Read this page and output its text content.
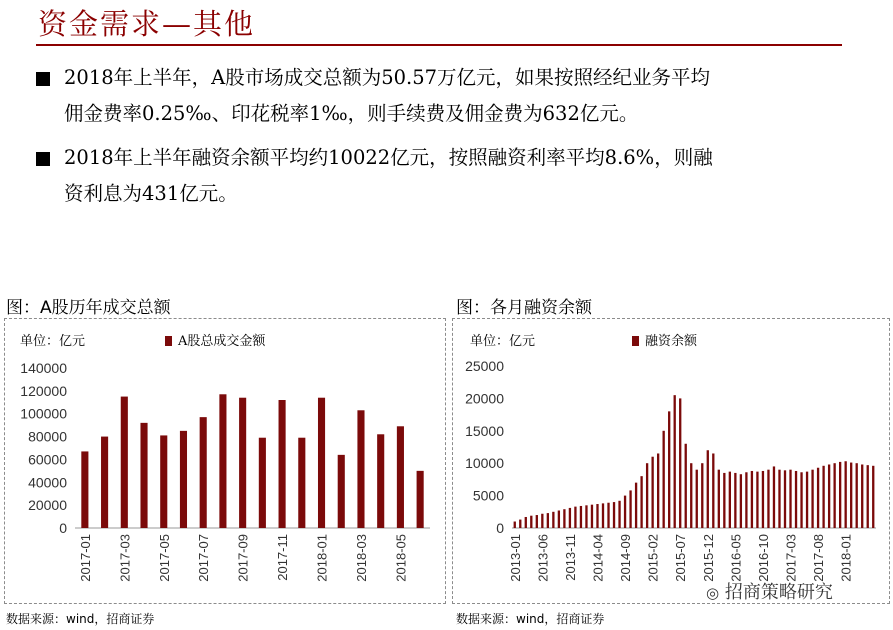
资金需求—其他
2018年上半年，A股市场成交总额为50.57万亿元，如果按照经纪业务平均
佣金费率0.25‰、印花税率1‰，则手续费及佣金费为632亿元。
2018年上半年融资余额平均约10022亿元，按照融资利率平均8.6%，则融
资利息为431亿元。
图：A股历年成交总额
单位：亿元	A股总成交金额
数据来源：wind，招商证券
图：各月融资余额
单位：亿元	融资余额
数据来源：wind，招商证券
0
20000
40000
60000
80000
100000
120000
140000
2017-01 2017-03 2017-05 2017-07 2017-09 2017-11 2018-01 2018-03 2018-05
0
5000
10000
15000
20000
25000
2013-01 2013-06 2013-11 2014-04 2014-09 2015-02 2015-07 2015-12 2016-05 2016-10 2017-03 2017-08 2018-01
◎ 招商策略研究
